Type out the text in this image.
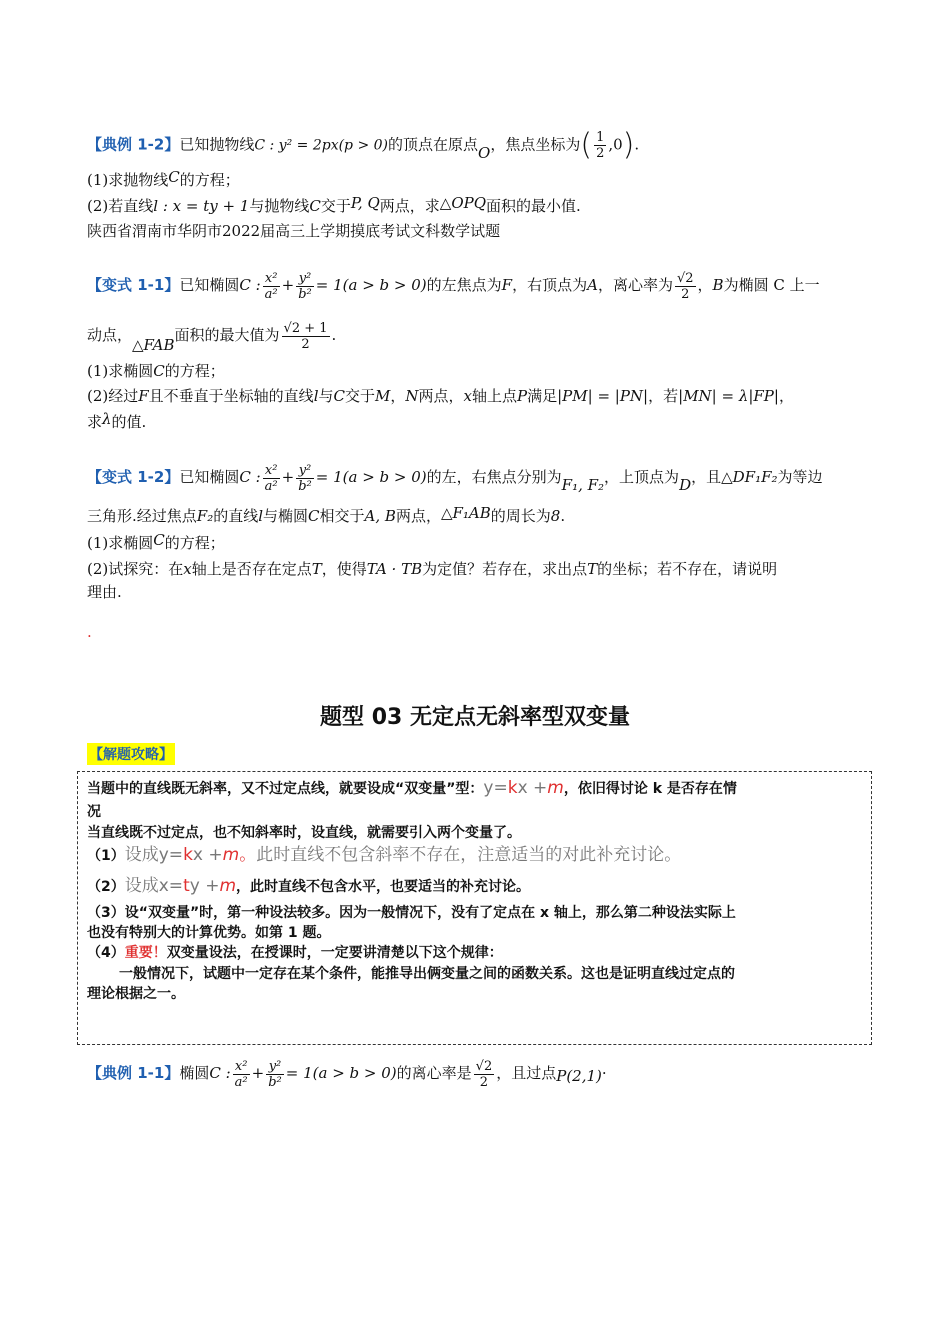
【典例 1-2】已知抛物线C : y² = 2px(p > 0)的顶点在原点O，焦点坐标为( $\frac{1}{2} ,0$).
(1)求抛物线C的方程；
(2)若直线l : x = ty + 1与抛物线C交于P, Q两点，求△OPQ面积的最小值.
陕西省渭南市华阴市2022届高三上学期摸底考试文科数学试题
【变式 1-1】已知椭圆C : $\frac{\text{x²}}{\text{a²}} + \frac{\text{y²}}{\text{b²}} = 1(a > b > 0)$的左焦点为F，右顶点为A，离心率为 $\frac{√2}{2}$ ，B为椭圆 C 上一
动点，△FAB面积的最大值为 $\frac{√2 + 1}{2}$ .
(1)求椭圆C的方程；
(2)经过F且不垂直于坐标轴的直线l与C交于M，N两点，x轴上点P满足|PM| = |PN|，若|MN| = λ|FP|，
求λ的值.
【变式 1-2】已知椭圆C : $\frac{\text{x²}}{\text{a²}} + \frac{\text{y²}}{\text{b²}} = 1(a > b > 0)$的左，右焦点分别为F₁, F₂，上顶点为D，且△DF₁F₂为等边
三角形.经过焦点F₂的直线l与椭圆C相交于A, B两点，△F₁AB的周长为8.
(1)求椭圆C的方程；
(2)试探究：在x轴上是否存在定点T，使得TA · TB为定值？若存在，求出点T的坐标；若不存在，请说明
理由.
.
题型 03 无定点无斜率型双变量
【解题攻略】
当题中的直线既无斜率，又不过定点线，就要设成“双变量”型：y=kx +m，依旧得讨论 k 是否存在情
况
当直线既不过定点，也不知斜率时，设直线，就需要引入两个变量了。
（1）设成y=kx +m。此时直线不包含斜率不存在，注意适当的对此补充讨论。
（2）设成x=ty +m，此时直线不包含水平，也要适当的补充讨论。
（3）设“双变量”时，第一种设法较多。因为一般情况下，没有了定点在 x 轴上，那么第二种设法实际上
也没有特别大的计算优势。如第 1 题。
（4）重要！双变量设法，在授课时，一定要讲清楚以下这个规律：
一般情况下，试题中一定存在某个条件，能推导出俩变量之间的函数关系。这也是证明直线过定点的
理论根据之一。
【典例 1-1】椭圆C : $\frac{\text{x²}}{\text{a²}} + \frac{\text{y²}}{\text{b²}} = 1(a > b > 0)$的离心率是 $\frac{√2}{2}$ ，且过点P(2,1)·
